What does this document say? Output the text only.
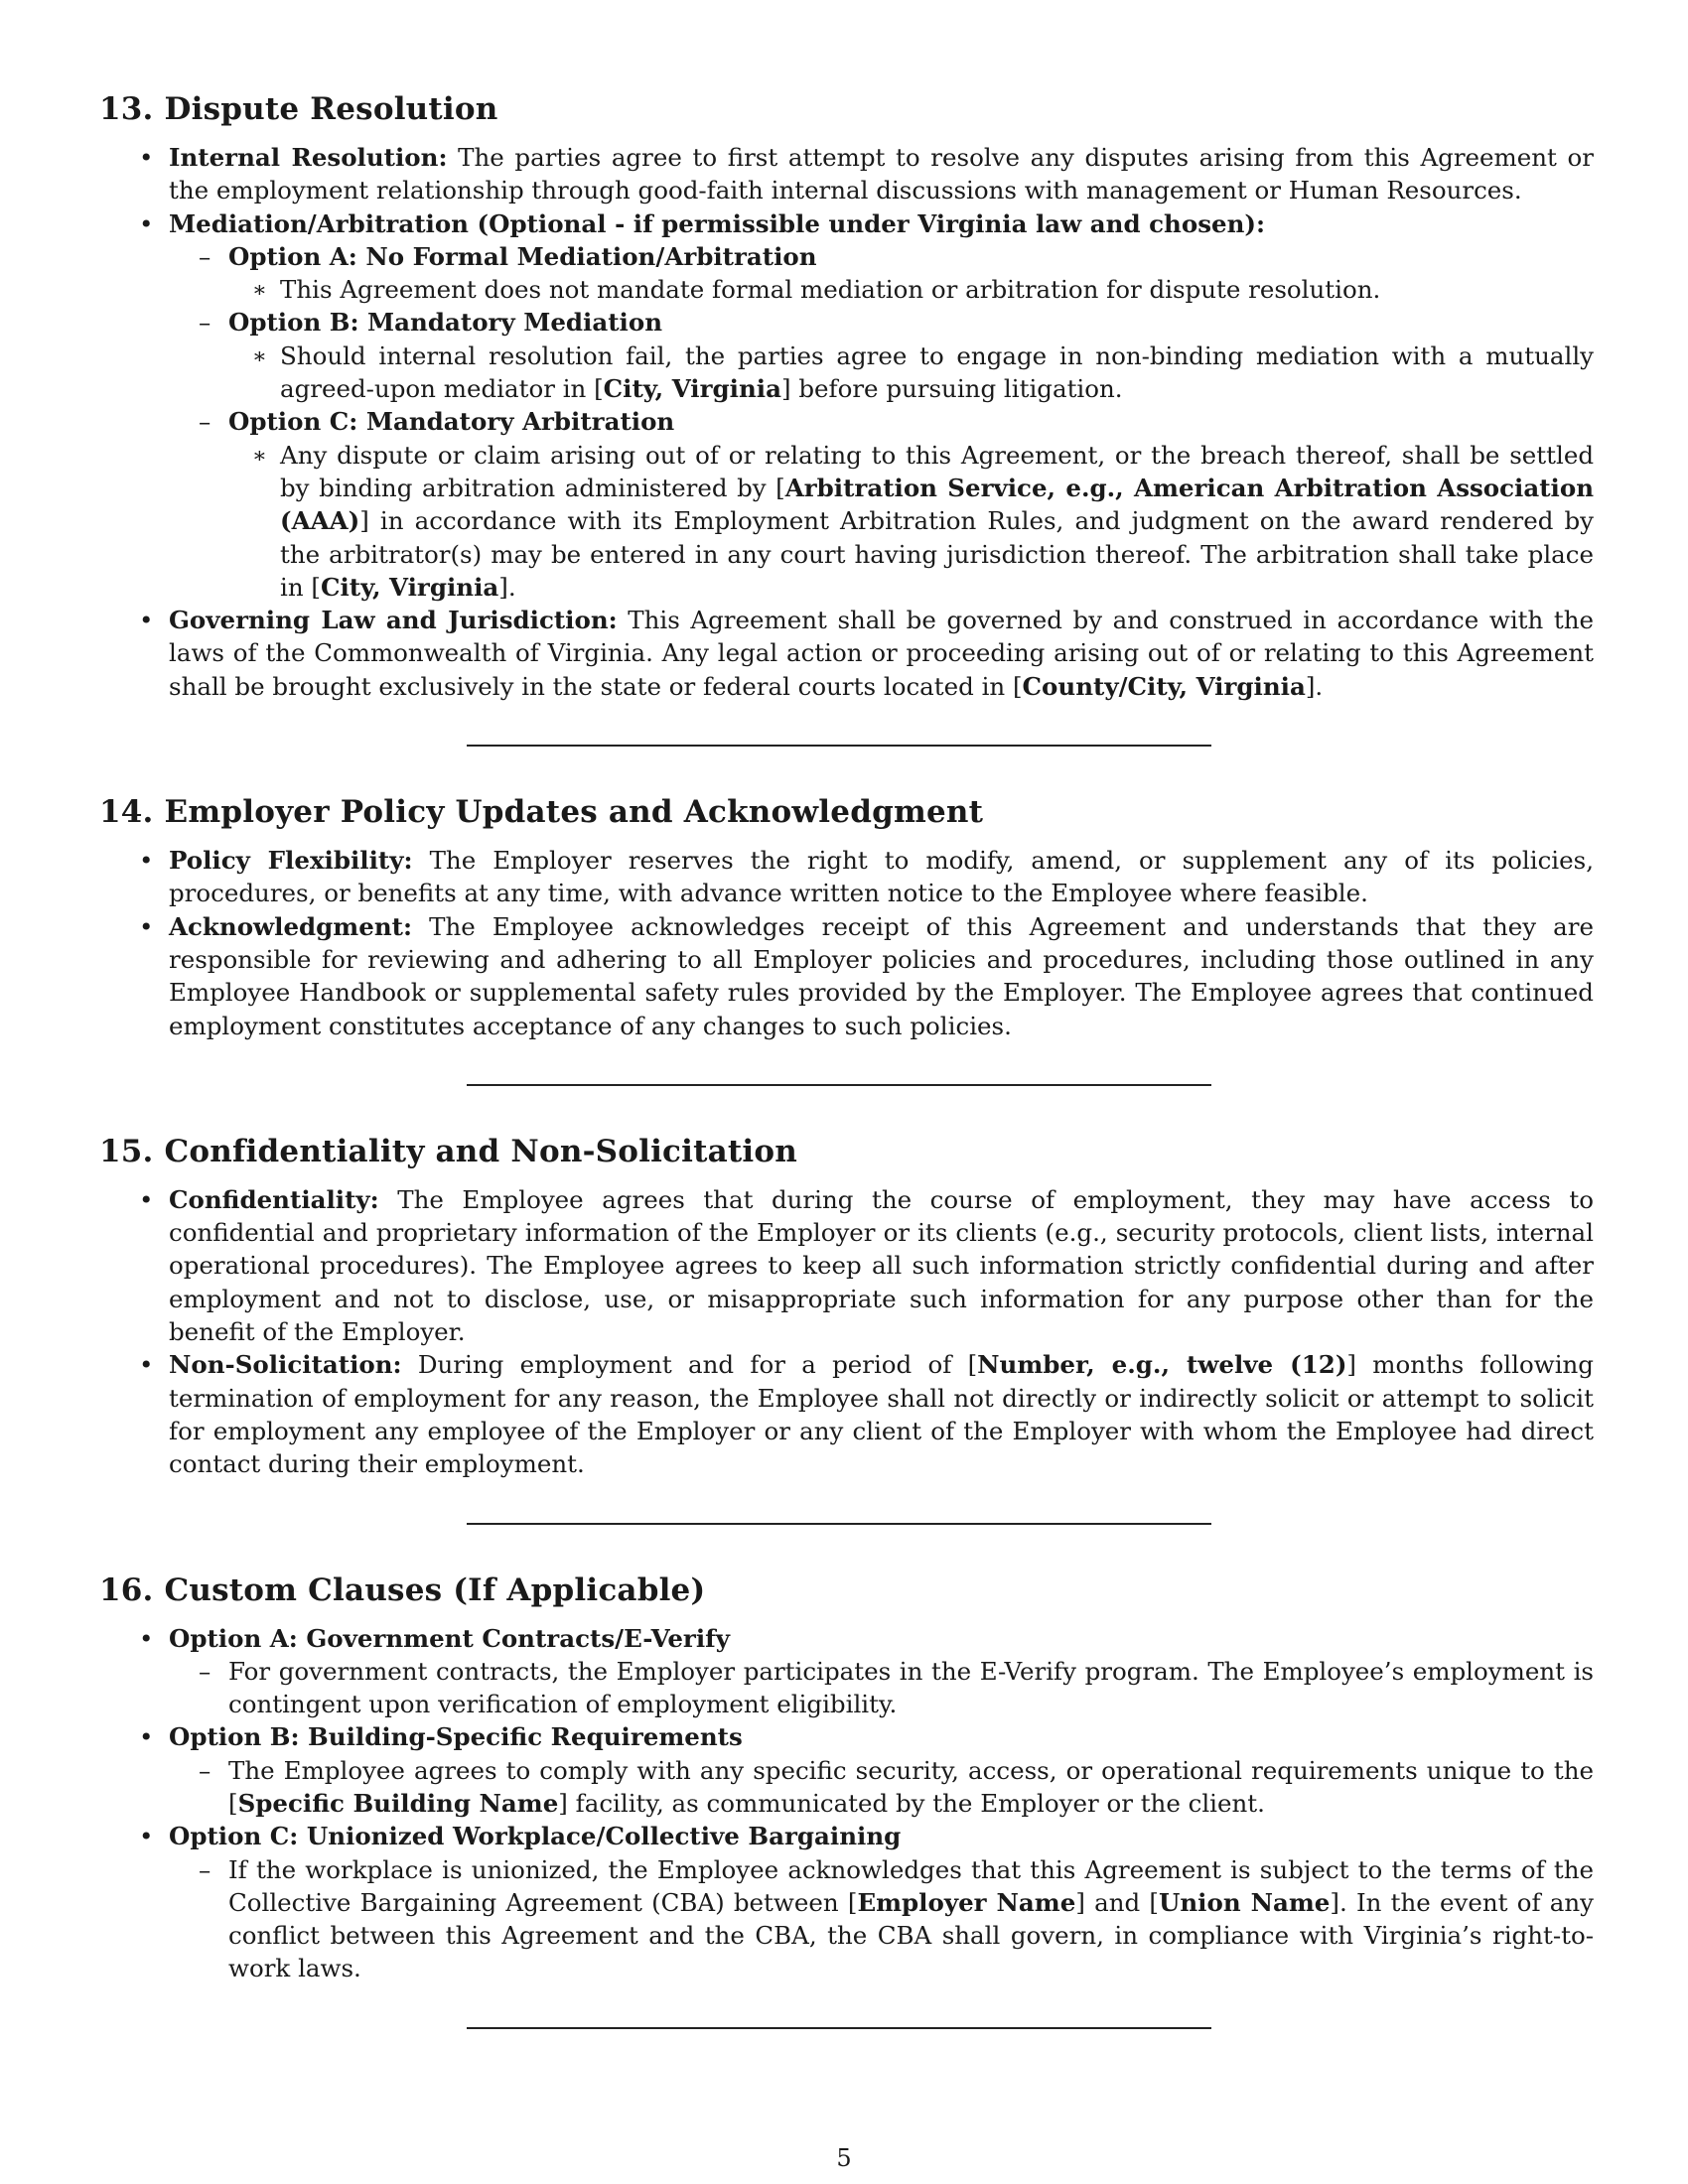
13. Dispute Resolution
• Internal Resolution: The parties agree to first attempt to resolve any disputes arising from this Agreement or the employment relationship through good-faith internal discussions with management or Human Resources.
• Mediation/Arbitration (Optional - if permissible under Virginia law and chosen):
– Option A: No Formal Mediation/Arbitration
∗ This Agreement does not mandate formal mediation or arbitration for dispute resolution.
– Option B: Mandatory Mediation
∗ Should internal resolution fail, the parties agree to engage in non-binding mediation with a mutually agreed-upon mediator in [City, Virginia] before pursuing litigation.
– Option C: Mandatory Arbitration
∗ Any dispute or claim arising out of or relating to this Agreement, or the breach thereof, shall be settled by binding arbitration administered by [Arbitration Service, e.g., American Arbitration Association (AAA)] in accordance with its Employment Arbitration Rules, and judgment on the award rendered by the arbitrator(s) may be entered in any court having jurisdiction thereof. The arbitration shall take place in [City, Virginia].
• Governing Law and Jurisdiction: This Agreement shall be governed by and construed in accordance with the laws of the Commonwealth of Virginia. Any legal action or proceeding arising out of or relating to this Agreement shall be brought exclusively in the state or federal courts located in [County/City, Virginia].
14. Employer Policy Updates and Acknowledgment
• Policy Flexibility: The Employer reserves the right to modify, amend, or supplement any of its policies, procedures, or benefits at any time, with advance written notice to the Employee where feasible.
• Acknowledgment: The Employee acknowledges receipt of this Agreement and understands that they are responsible for reviewing and adhering to all Employer policies and procedures, including those outlined in any Employee Handbook or supplemental safety rules provided by the Employer. The Employee agrees that continued employment constitutes acceptance of any changes to such policies.
15. Confidentiality and Non-Solicitation
• Confidentiality: The Employee agrees that during the course of employment, they may have access to confidential and proprietary information of the Employer or its clients (e.g., security protocols, client lists, internal operational procedures). The Employee agrees to keep all such information strictly confidential during and after employment and not to disclose, use, or misappropriate such information for any purpose other than for the benefit of the Employer.
• Non-Solicitation: During employment and for a period of [Number, e.g., twelve (12)] months following termination of employment for any reason, the Employee shall not directly or indirectly solicit or attempt to solicit for employment any employee of the Employer or any client of the Employer with whom the Employee had direct contact during their employment.
16. Custom Clauses (If Applicable)
• Option A: Government Contracts/E-Verify
– For government contracts, the Employer participates in the E-Verify program. The Employee’s employment is contingent upon verification of employment eligibility.
• Option B: Building-Specific Requirements
– The Employee agrees to comply with any specific security, access, or operational requirements unique to the [Specific Building Name] facility, as communicated by the Employer or the client.
• Option C: Unionized Workplace/Collective Bargaining
– If the workplace is unionized, the Employee acknowledges that this Agreement is subject to the terms of the Collective Bargaining Agreement (CBA) between [Employer Name] and [Union Name]. In the event of any conflict between this Agreement and the CBA, the CBA shall govern, in compliance with Virginia’s right-to-work laws.
5
